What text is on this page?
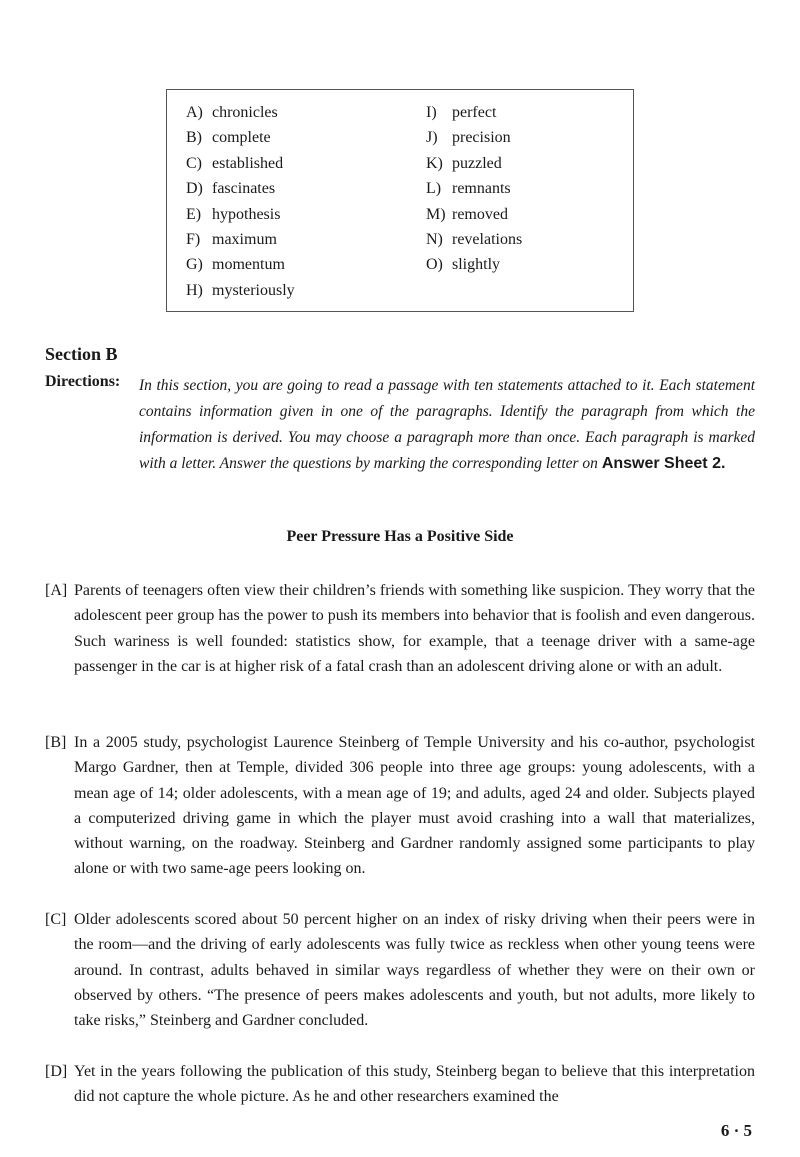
A) chronicles
B) complete
C) established
D) fascinates
E) hypothesis
F) maximum
G) momentum
H) mysteriously
I) perfect
J) precision
K) puzzled
L) remnants
M) removed
N) revelations
O) slightly
Section B
Directions: In this section, you are going to read a passage with ten statements attached to it. Each statement contains information given in one of the paragraphs. Identify the paragraph from which the information is derived. You may choose a paragraph more than once. Each paragraph is marked with a letter. Answer the questions by marking the corresponding letter on Answer Sheet 2.
Peer Pressure Has a Positive Side
[A] Parents of teenagers often view their children’s friends with something like suspicion. They worry that the adolescent peer group has the power to push its members into behavior that is foolish and even dangerous. Such wariness is well founded: statistics show, for example, that a teenage driver with a same-age passenger in the car is at higher risk of a fatal crash than an adolescent driving alone or with an adult.
[B] In a 2005 study, psychologist Laurence Steinberg of Temple University and his co-author, psychologist Margo Gardner, then at Temple, divided 306 people into three age groups: young adolescents, with a mean age of 14; older adolescents, with a mean age of 19; and adults, aged 24 and older. Subjects played a computerized driving game in which the player must avoid crashing into a wall that materializes, without warning, on the roadway. Steinberg and Gardner randomly assigned some participants to play alone or with two same-age peers looking on.
[C] Older adolescents scored about 50 percent higher on an index of risky driving when their peers were in the room—and the driving of early adolescents was fully twice as reckless when other young teens were around. In contrast, adults behaved in similar ways regardless of whether they were on their own or observed by others. “The presence of peers makes adolescents and youth, but not adults, more likely to take risks,” Steinberg and Gardner concluded.
[D] Yet in the years following the publication of this study, Steinberg began to believe that this interpretation did not capture the whole picture. As he and other researchers examined the
6 · 5
